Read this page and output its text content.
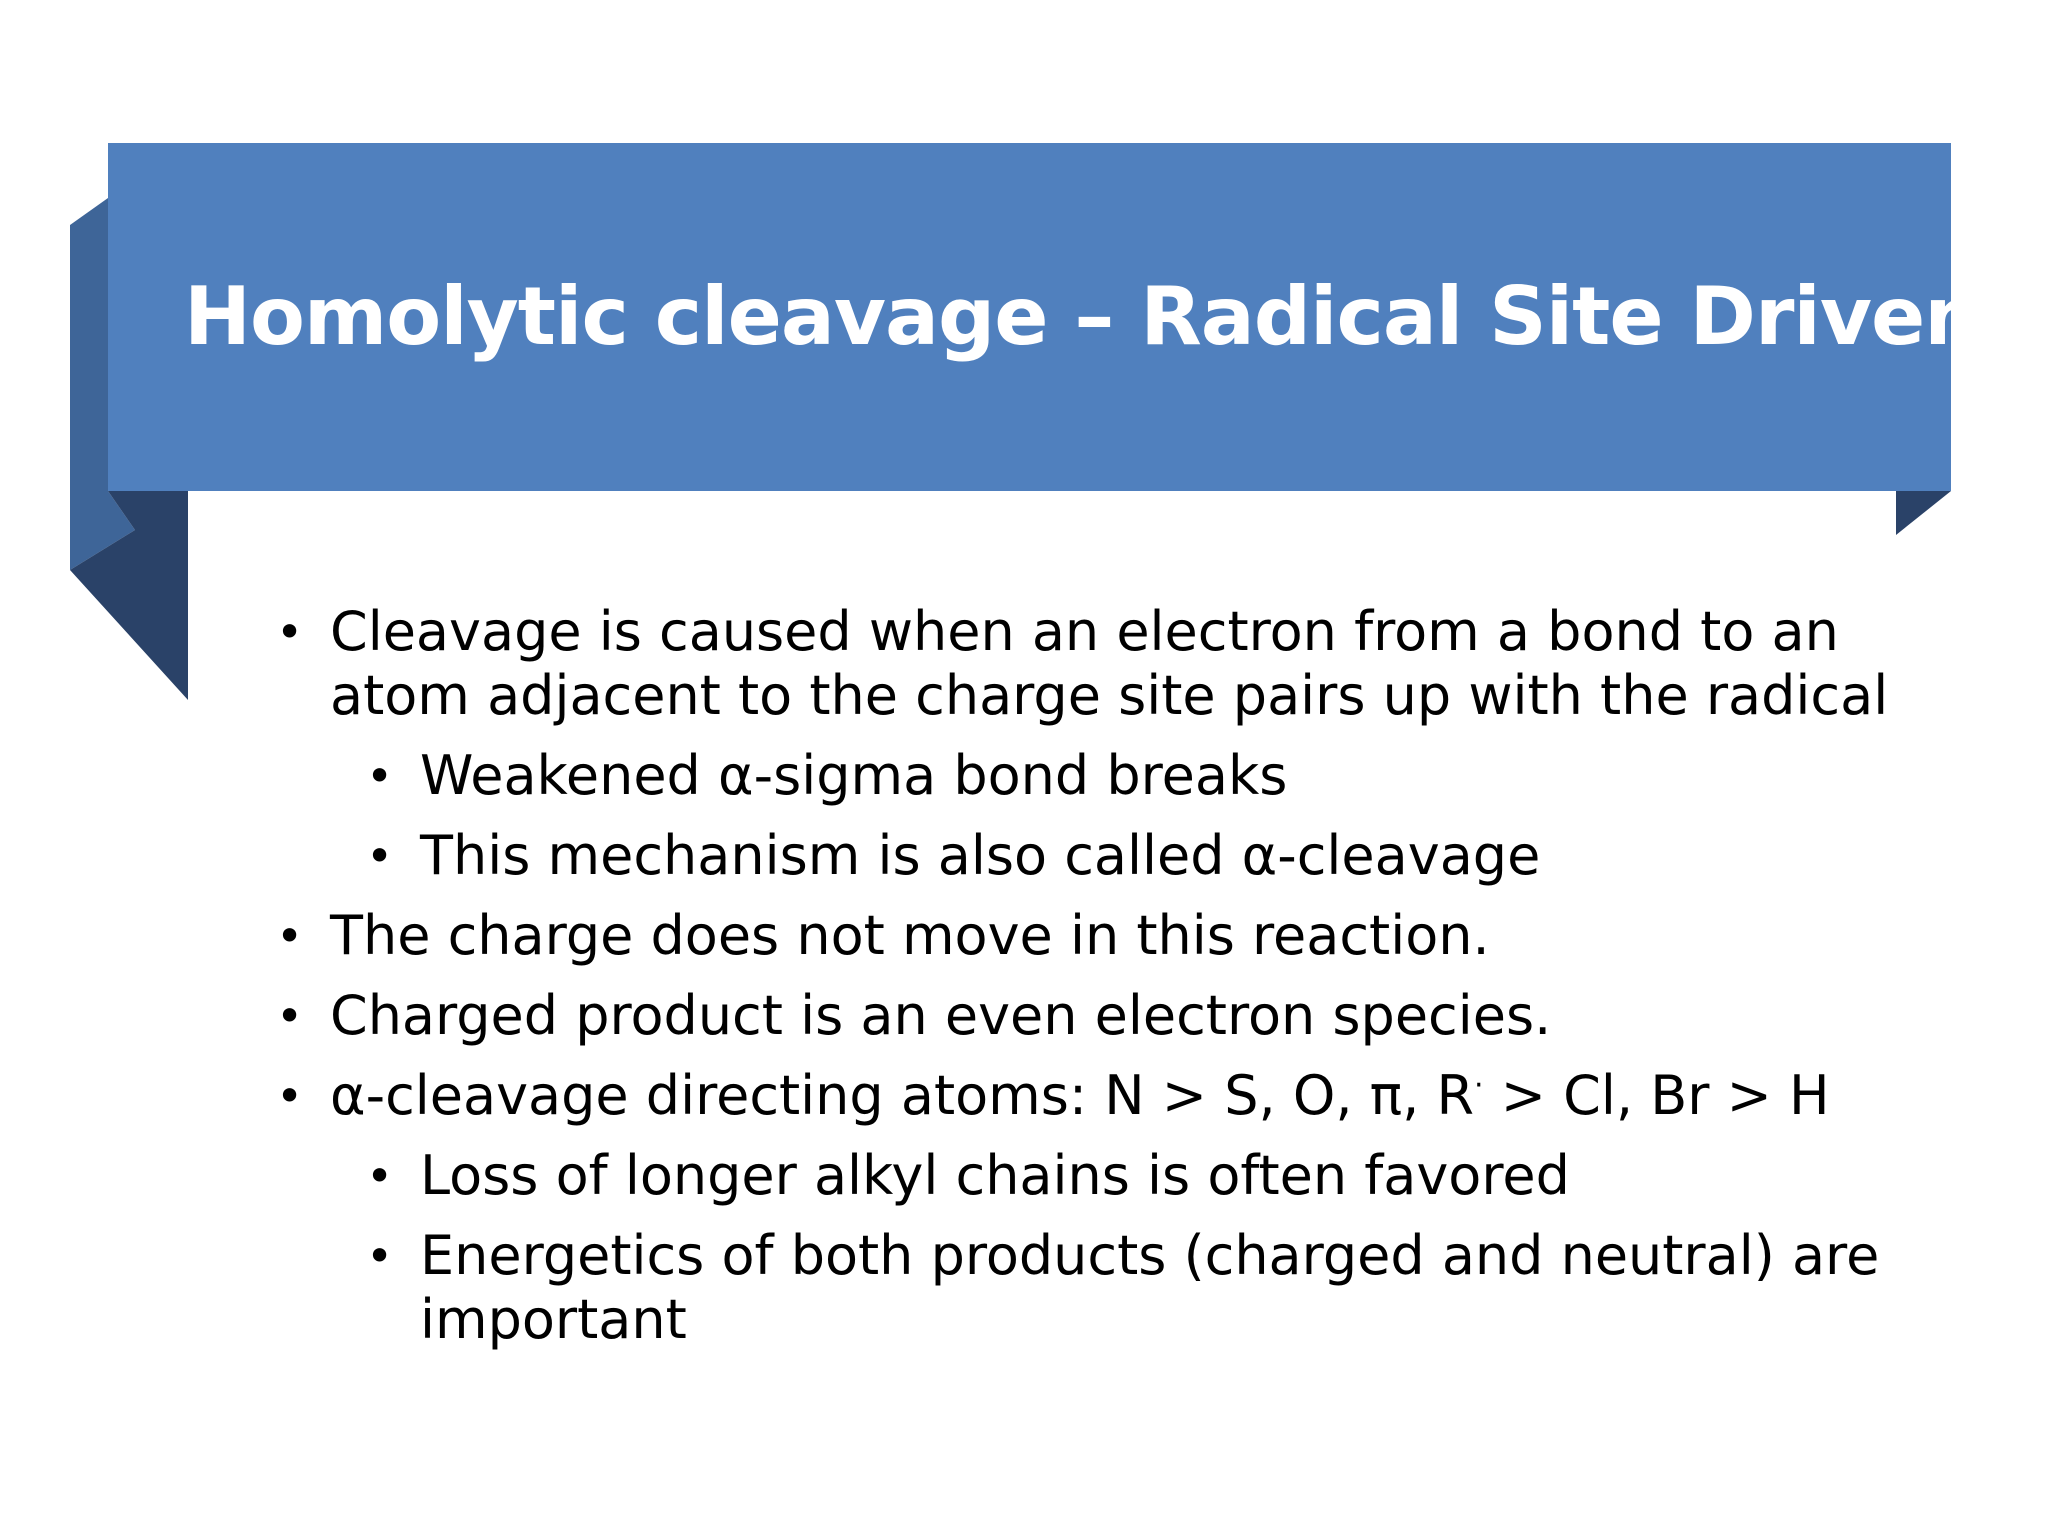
Homolytic cleavage – Radical Site Driven
• Cleavage is caused when an electron from a bond to an atom adjacent to the charge site pairs up with the radical
• Weakened α-sigma bond breaks
• This mechanism is also called α-cleavage
• The charge does not move in this reaction.
• Charged product is an even electron species.
• α-cleavage directing atoms: N > S, O, π, R· > Cl, Br > H
• Loss of longer alkyl chains is often favored
• Energetics of both products (charged and neutral) are important
